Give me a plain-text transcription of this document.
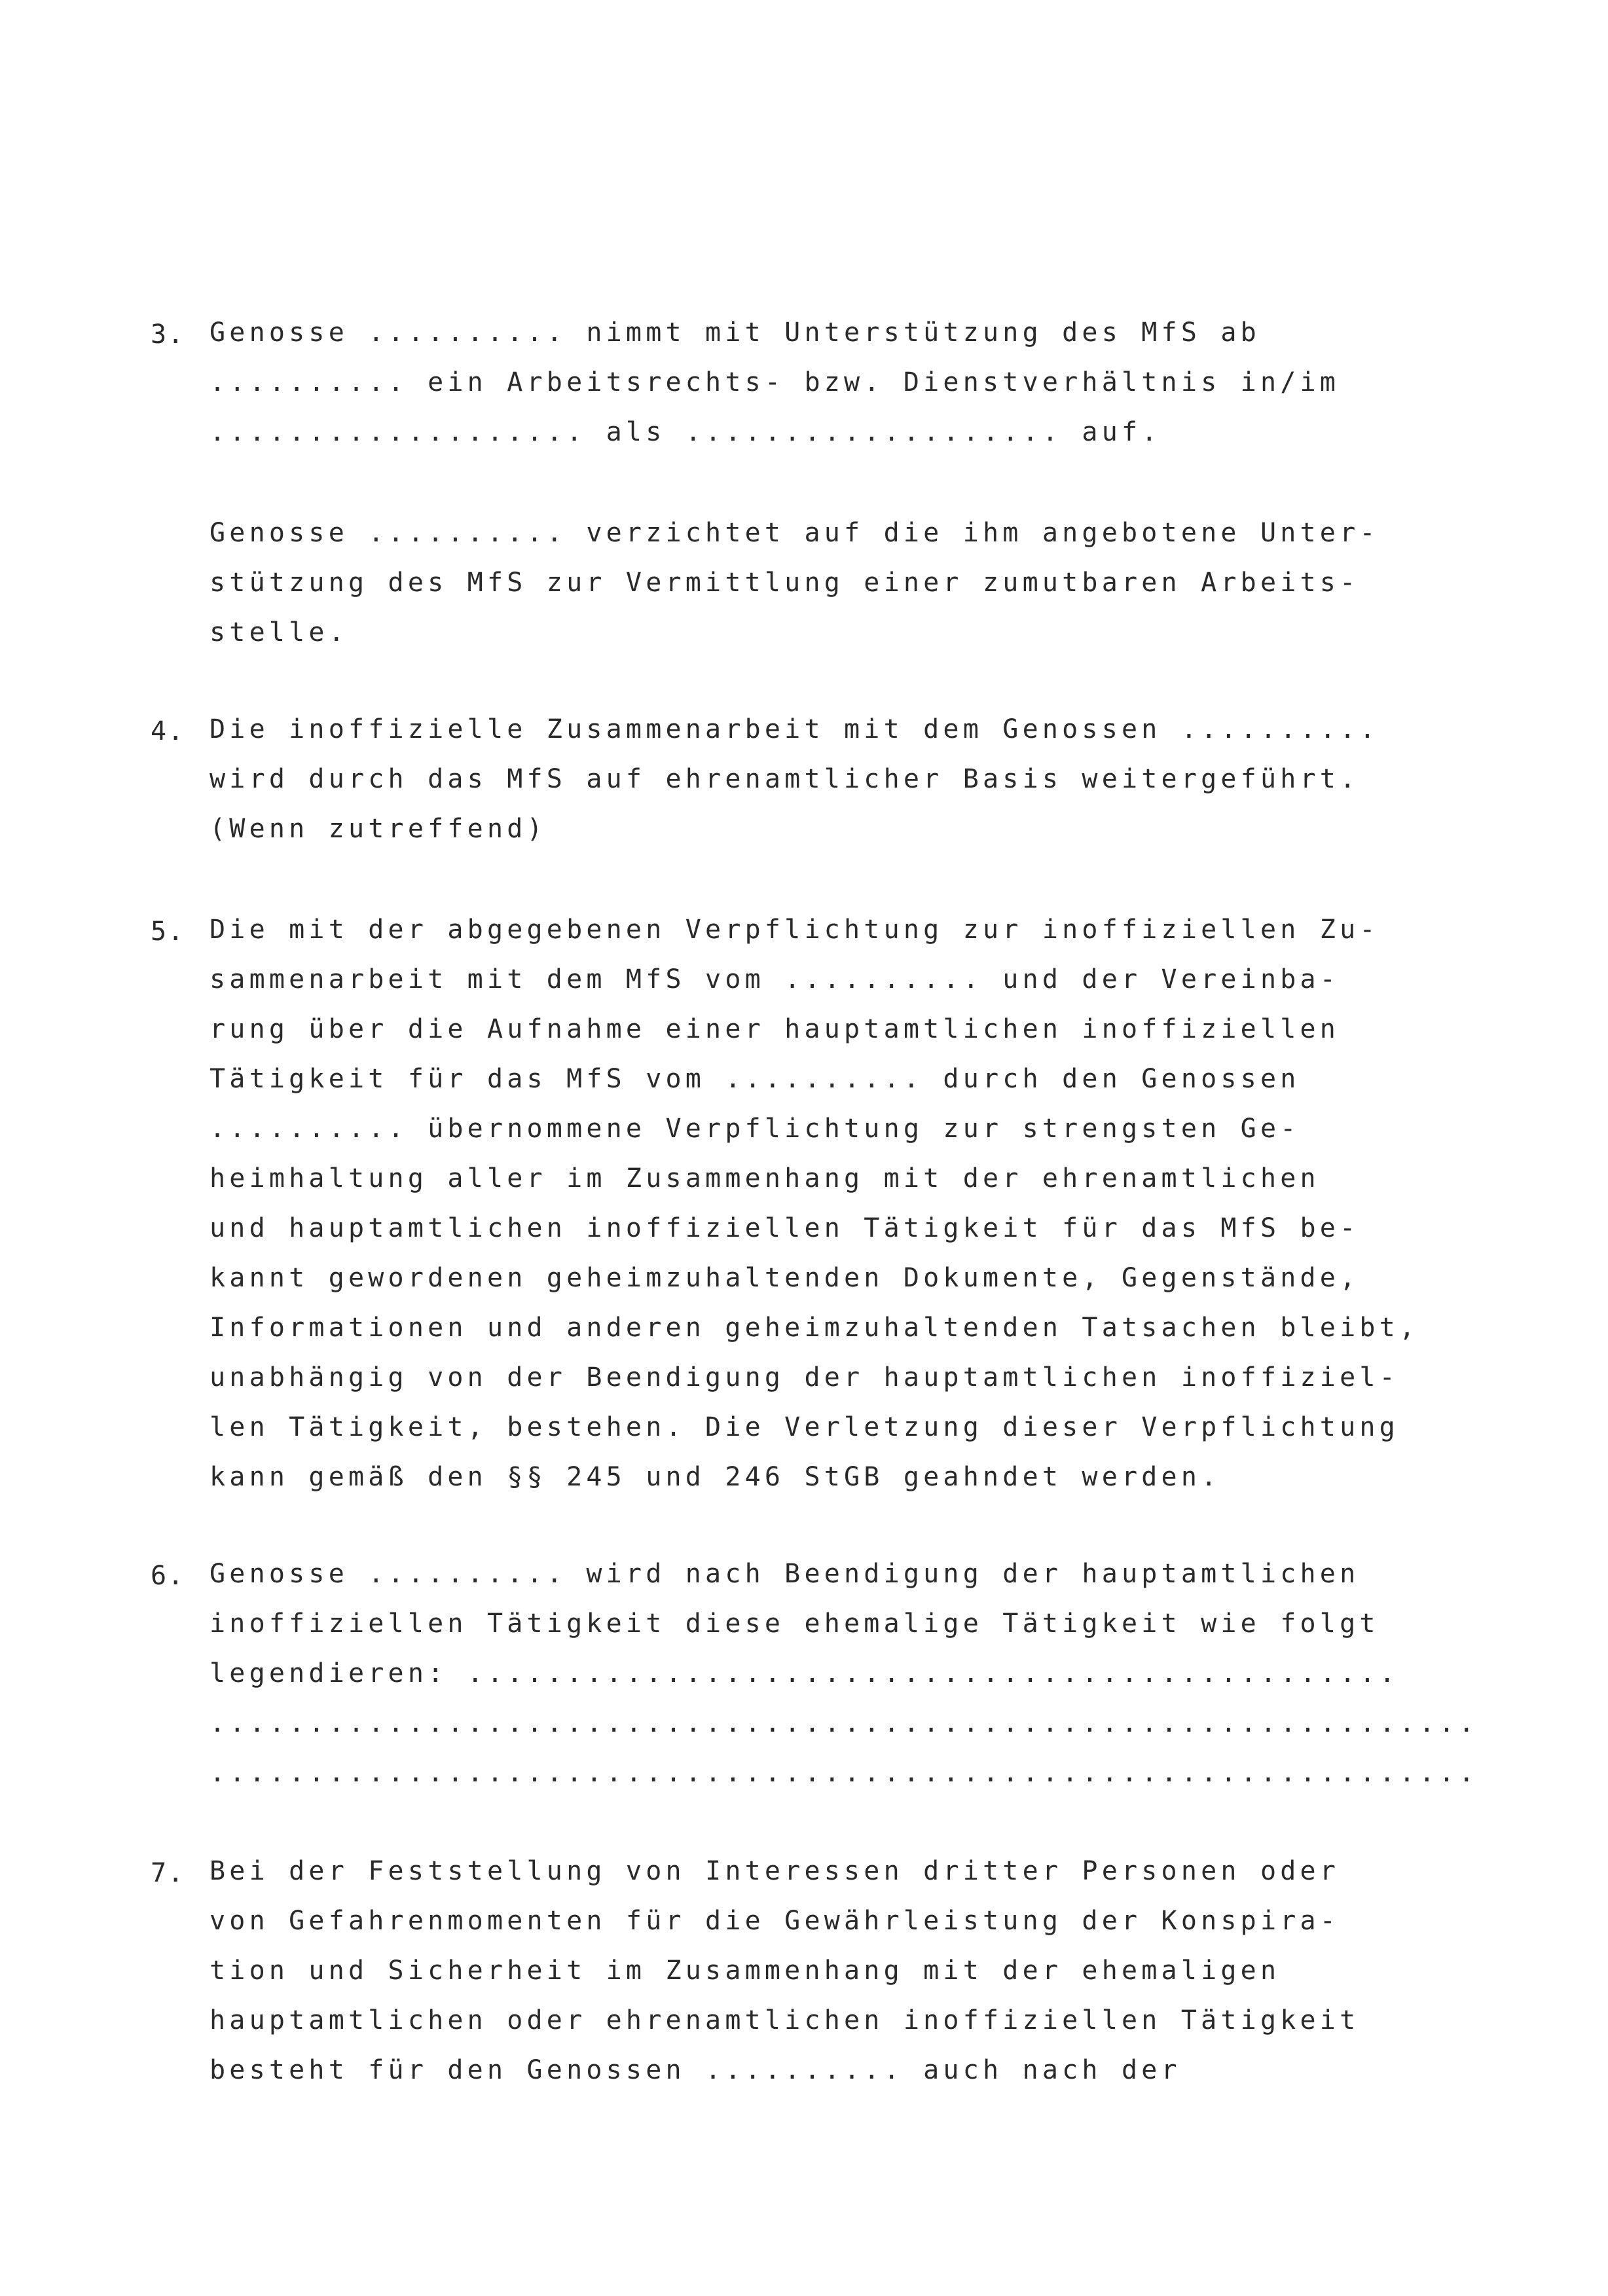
3. Genosse .......... nimmt mit Unterstützung des MfS ab
.......... ein Arbeitsrechts- bzw. Dienstverhältnis in/im
................... als ................... auf.
Genosse .......... verzichtet auf die ihm angebotene Unter-
stützung des MfS zur Vermittlung einer zumutbaren Arbeits-
stelle.
4. Die inoffizielle Zusammenarbeit mit dem Genossen ..........
wird durch das MfS auf ehrenamtlicher Basis weitergeführt.
(Wenn zutreffend)
5. Die mit der abgegebenen Verpflichtung zur inoffiziellen Zu-
sammenarbeit mit dem MfS vom .......... und der Vereinba-
rung über die Aufnahme einer hauptamtlichen inoffiziellen
Tätigkeit für das MfS vom .......... durch den Genossen
.......... übernommene Verpflichtung zur strengsten Ge-
heimhaltung aller im Zusammenhang mit der ehrenamtlichen
und hauptamtlichen inoffiziellen Tätigkeit für das MfS be-
kannt gewordenen geheimzuhaltenden Dokumente, Gegenstände,
Informationen und anderen geheimzuhaltenden Tatsachen bleibt,
unabhängig von der Beendigung der hauptamtlichen inoffiziel-
len Tätigkeit, bestehen. Die Verletzung dieser Verpflichtung
kann gemäß den §§ 245 und 246 StGB geahndet werden.
6. Genosse .......... wird nach Beendigung der hauptamtlichen
inoffiziellen Tätigkeit diese ehemalige Tätigkeit wie folgt
legendieren: ...............................................
................................................................
................................................................
7. Bei der Feststellung von Interessen dritter Personen oder
von Gefahrenmomenten für die Gewährleistung der Konspira-
tion und Sicherheit im Zusammenhang mit der ehemaligen
hauptamtlichen oder ehrenamtlichen inoffiziellen Tätigkeit
besteht für den Genossen .......... auch nach der
